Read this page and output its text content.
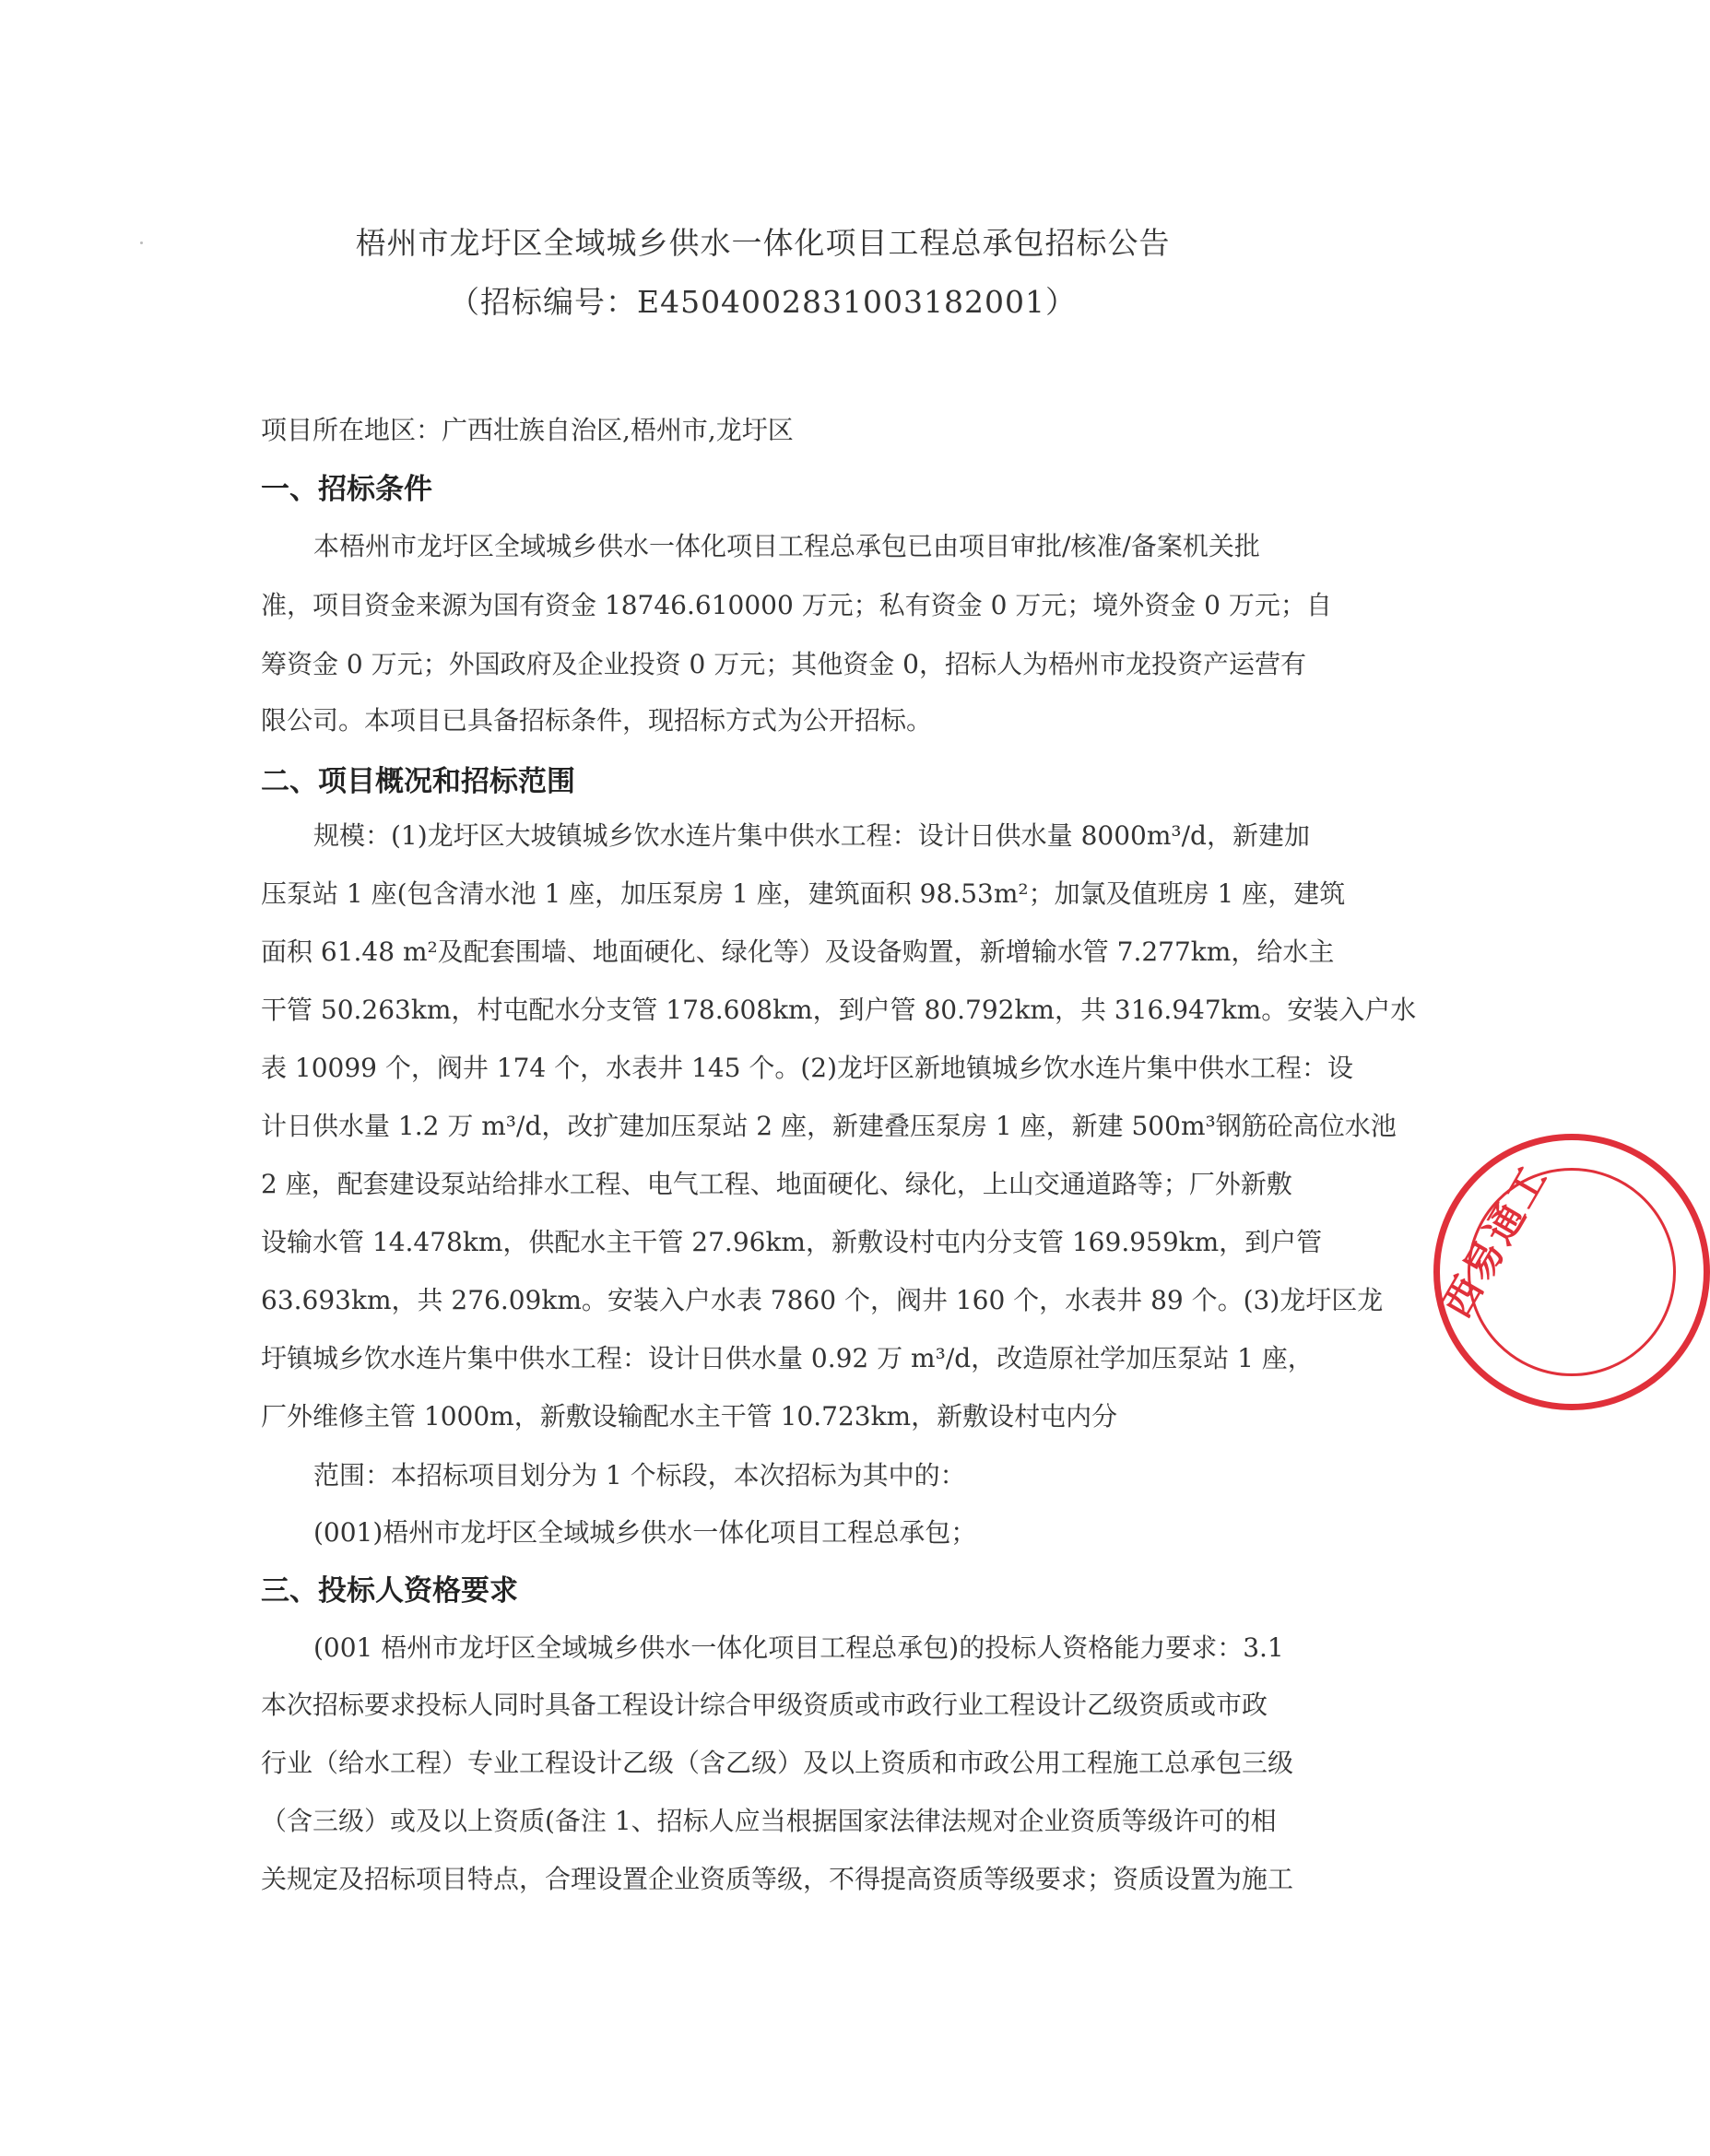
梧州市龙圩区全域城乡供水一体化项目工程总承包招标公告
（招标编号：E4504002831003182001）
项目所在地区：广西壮族自治区,梧州市,龙圩区
一、招标条件
本梧州市龙圩区全域城乡供水一体化项目工程总承包已由项目审批/核准/备案机关批
准，项目资金来源为国有资金 18746.610000 万元；私有资金 0 万元；境外资金 0 万元；自
筹资金 0 万元；外国政府及企业投资 0 万元；其他资金 0，招标人为梧州市龙投资产运营有
限公司。本项目已具备招标条件，现招标方式为公开招标。
二、项目概况和招标范围
规模：(1)龙圩区大坡镇城乡饮水连片集中供水工程：设计日供水量 8000m³/d，新建加
压泵站 1 座(包含清水池 1 座，加压泵房 1 座，建筑面积 98.53m²；加氯及值班房 1 座，建筑
面积 61.48 m²及配套围墙、地面硬化、绿化等）及设备购置，新增输水管 7.277km，给水主
干管 50.263km，村屯配水分支管 178.608km，到户管 80.792km，共 316.947km。安装入户水
表 10099 个，阀井 174 个，水表井 145 个。(2)龙圩区新地镇城乡饮水连片集中供水工程：设
计日供水量 1.2 万 m³/d，改扩建加压泵站 2 座，新建叠压泵房 1 座，新建 500m³钢筋砼高位水池
2 座，配套建设泵站给排水工程、电气工程、地面硬化、绿化，上山交通道路等；厂外新敷
设输水管 14.478km，供配水主干管 27.96km，新敷设村屯内分支管 169.959km，到户管
63.693km，共 276.09km。安装入户水表 7860 个，阀井 160 个，水表井 89 个。(3)龙圩区龙
圩镇城乡饮水连片集中供水工程：设计日供水量 0.92 万 m³/d，改造原社学加压泵站 1 座，
厂外维修主管 1000m，新敷设输配水主干管 10.723km，新敷设村屯内分
范围：本招标项目划分为 1 个标段，本次招标为其中的：
(001)梧州市龙圩区全域城乡供水一体化项目工程总承包；
三、投标人资格要求
(001 梧州市龙圩区全域城乡供水一体化项目工程总承包)的投标人资格能力要求：3.1
本次招标要求投标人同时具备工程设计综合甲级资质或市政行业工程设计乙级资质或市政
行业（给水工程）专业工程设计乙级（含乙级）及以上资质和市政公用工程施工总承包三级
（含三级）或及以上资质(备注 1、招标人应当根据国家法律法规对企业资质等级许可的相
关规定及招标项目特点，合理设置企业资质等级，不得提高资质等级要求；资质设置为施工
西易通工
